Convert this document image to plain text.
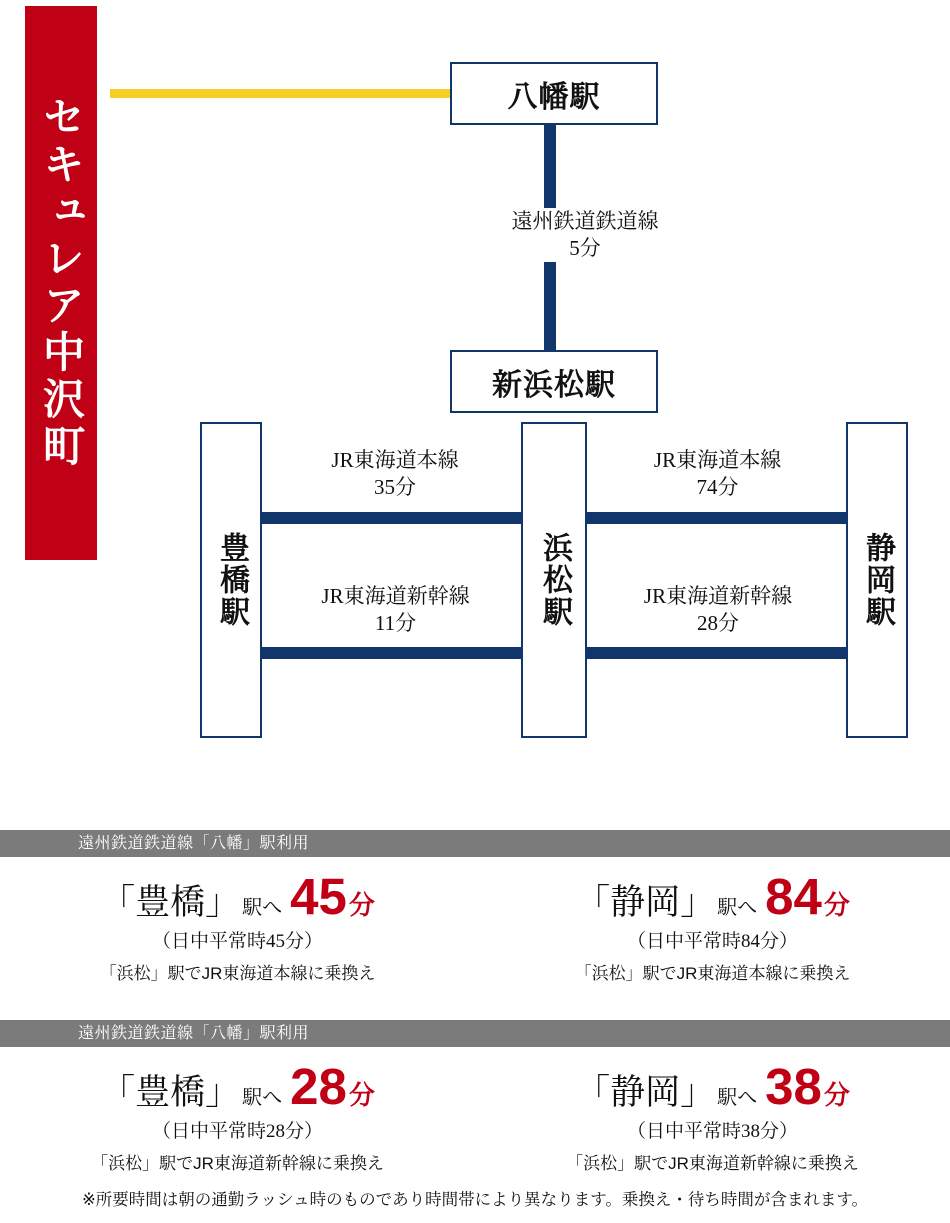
セキュレア中沢町	八幡駅
新浜松駅
豊橋駅	浜松駅	静岡駅
遠州鉄道鉄道線
5分
JR東海道本線
35分
JR東海道本線
74分
JR東海道新幹線
11分
JR東海道新幹線
28分
遠州鉄道鉄道線「八幡」駅利用
「豊橋」 駅へ 45 分
（日中平常時45分）
「浜松」駅でJR東海道本線に乗換え
「静岡」 駅へ 84 分
（日中平常時84分）
「浜松」駅でJR東海道本線に乗換え
遠州鉄道鉄道線「八幡」駅利用
「豊橋」 駅へ 28 分
（日中平常時28分）
「浜松」駅でJR東海道新幹線に乗換え
「静岡」 駅へ 38 分
（日中平常時38分）
「浜松」駅でJR東海道新幹線に乗換え
※所要時間は朝の通勤ラッシュ時のものであり時間帯により異なります。乗換え・待ち時間が含まれます。
